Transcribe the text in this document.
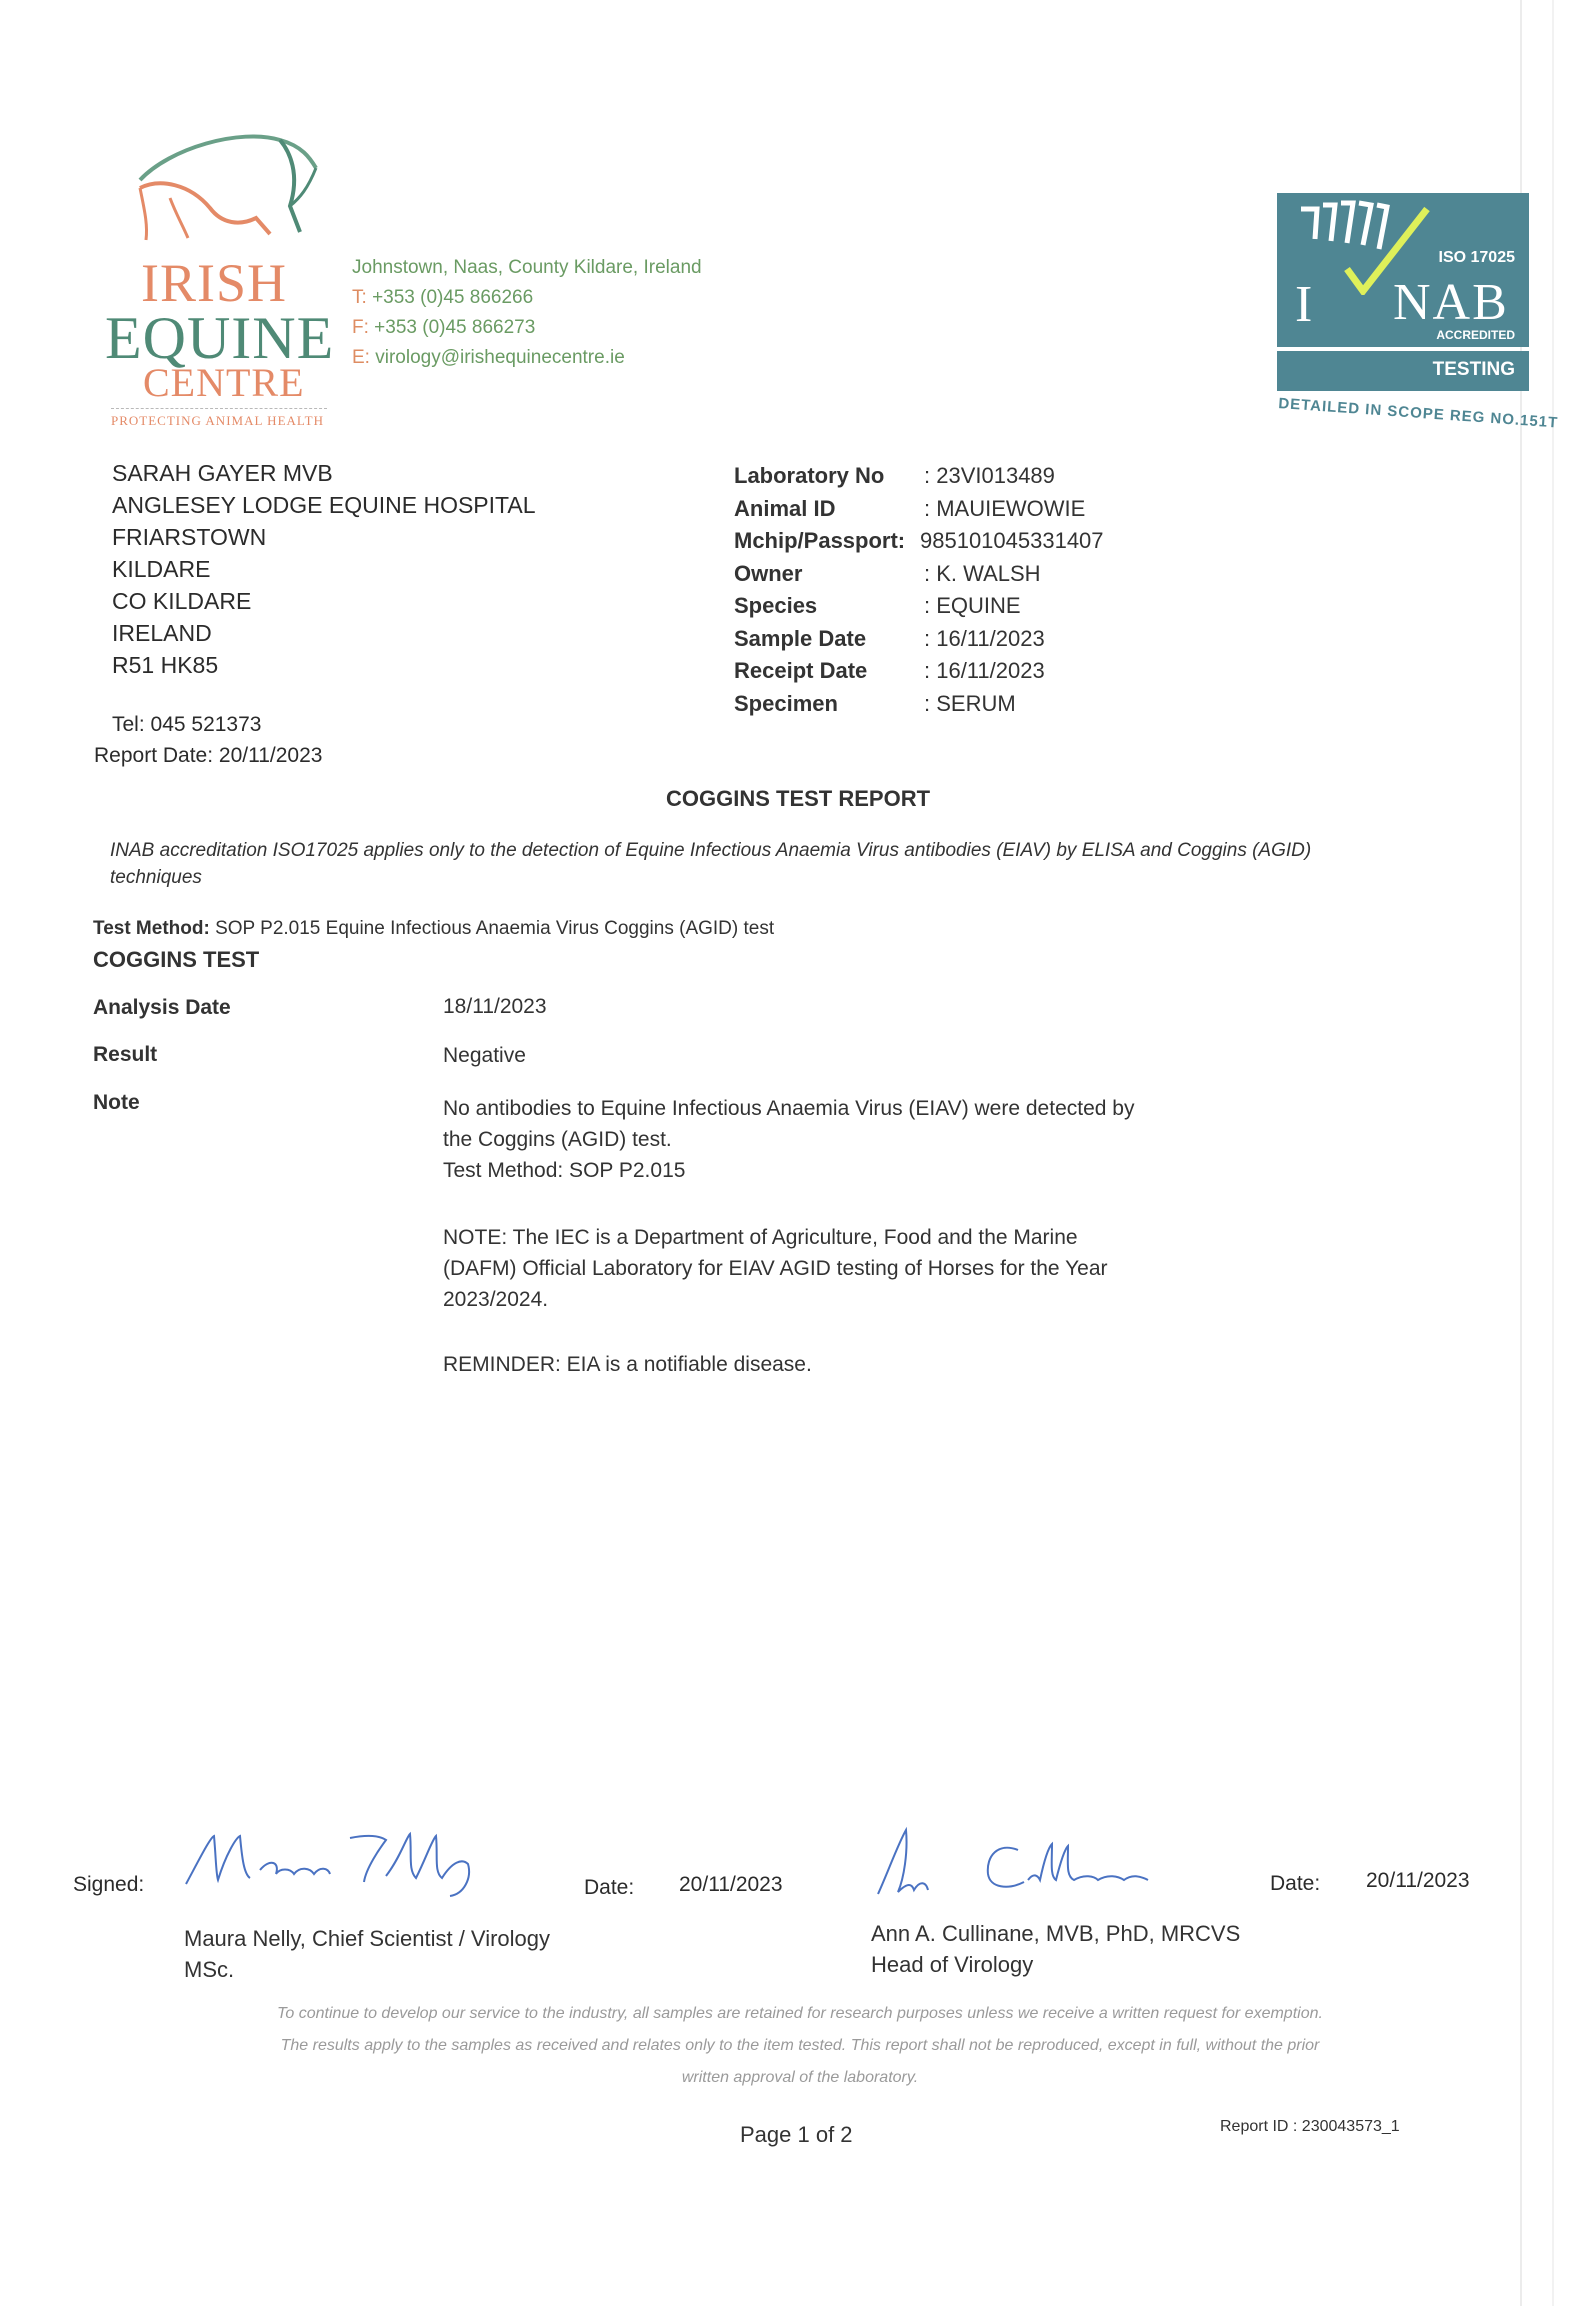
IRISH
EQUINE
CENTRE
PROTECTING ANIMAL HEALTH
Johnstown, Naas, County Kildare, Ireland
T: +353 (0)45 866266
F: +353 (0)45 866273
E: virology@irishequinecentre.ie
ISO 17025
I NAB
ACCREDITED
TESTING
DETAILED IN SCOPE REG NO.151T
SARAH GAYER MVB
ANGLESEY LODGE EQUINE HOSPITAL
FRIARSTOWN
KILDARE
CO KILDARE
IRELAND
R51 HK85
Tel: 045 521373
Report Date: 20/11/2023
Laboratory No : 23VI013489
Animal ID	: MAUIEWOWIE
Mchip/Passport: 985101045331407
Owner	: K. WALSH
Species	: EQUINE
Sample Date	: 16/11/2023
Receipt Date	: 16/11/2023
Specimen	: SERUM
COGGINS TEST REPORT
INAB accreditation ISO17025 applies only to the detection of Equine Infectious Anaemia Virus antibodies (EIAV) by ELISA and Coggins (AGID) techniques
Test Method: SOP P2.015 Equine Infectious Anaemia Virus Coggins (AGID) test
COGGINS TEST
Analysis Date	18/11/2023
Result	Negative
Note	No antibodies to Equine Infectious Anaemia Virus (EIAV) were detected by
the Coggins (AGID) test.
Test Method: SOP P2.015
NOTE: The IEC is a Department of Agriculture, Food and the Marine
(DAFM) Official Laboratory for EIAV AGID testing of Horses for the Year
2023/2024.
REMINDER: EIA is a notifiable disease.
Signed:	Date: 20/11/2023	Date: 20/11/2023
Maura Nelly, Chief Scientist / Virology
MSc.
Ann A. Cullinane, MVB, PhD, MRCVS
Head of Virology
To continue to develop our service to the industry, all samples are retained for research purposes unless we receive a written request for exemption.
The results apply to the samples as received and relates only to the item tested. This report shall not be reproduced, except in full, without the prior
written approval of the laboratory.
Page 1 of 2	Report ID : 230043573_1
